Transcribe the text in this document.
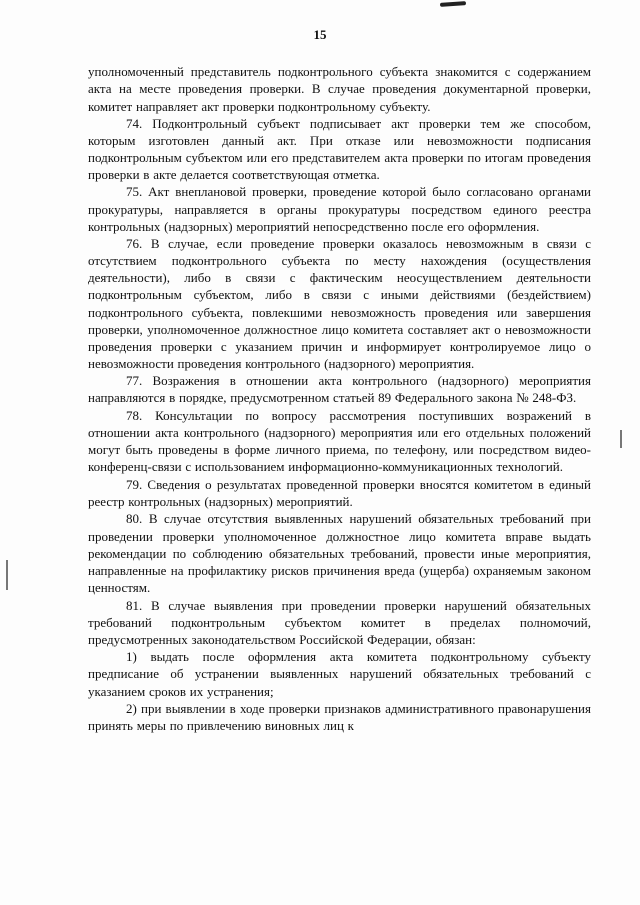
15

уполномоченный представитель подконтрольного субъекта знакомится с содержанием акта на месте проведения проверки. В случае проведения документарной проверки, комитет направляет акт проверки подконтрольному субъекту.

74. Подконтрольный субъект подписывает акт проверки тем же способом, которым изготовлен данный акт. При отказе или невозможности подписания подконтрольным субъектом или его представителем акта проверки по итогам проведения проверки в акте делается соответствующая отметка.

75. Акт внеплановой проверки, проведение которой было согласовано органами прокуратуры, направляется в органы прокуратуры посредством единого реестра контрольных (надзорных) мероприятий непосредственно после его оформления.

76. В случае, если проведение проверки оказалось невозможным в связи с отсутствием подконтрольного субъекта по месту нахождения (осуществления деятельности), либо в связи с фактическим неосуществлением деятельности подконтрольным субъектом, либо в связи с иными действиями (бездействием) подконтрольного субъекта, повлекшими невозможность проведения или завершения проверки, уполномоченное должностное лицо комитета составляет акт о невозможности проведения проверки с указанием причин и информирует контролируемое лицо о невозможности проведения контрольного (надзорного) мероприятия.

77. Возражения в отношении акта контрольного (надзорного) мероприятия направляются в порядке, предусмотренном статьей 89 Федерального закона № 248-ФЗ.

78. Консультации по вопросу рассмотрения поступивших возражений в отношении акта контрольного (надзорного) мероприятия или его отдельных положений могут быть проведены в форме личного приема, по телефону, или посредством видео-конференц-связи с использованием информационно-коммуникационных технологий.

79. Сведения о результатах проведенной проверки вносятся комитетом в единый реестр контрольных (надзорных) мероприятий.

80. В случае отсутствия выявленных нарушений обязательных требований при проведении проверки уполномоченное должностное лицо комитета вправе выдать рекомендации по соблюдению обязательных требований, провести иные мероприятия, направленные на профилактику рисков причинения вреда (ущерба) охраняемым законом ценностям.

81. В случае выявления при проведении проверки нарушений обязательных требований подконтрольным субъектом комитет в пределах полномочий, предусмотренных законодательством Российской Федерации, обязан:

1) выдать после оформления акта комитета подконтрольному субъекту предписание об устранении выявленных нарушений обязательных требований с указанием сроков их устранения;

2) при выявлении в ходе проверки признаков административного правонарушения принять меры по привлечению виновных лиц к
